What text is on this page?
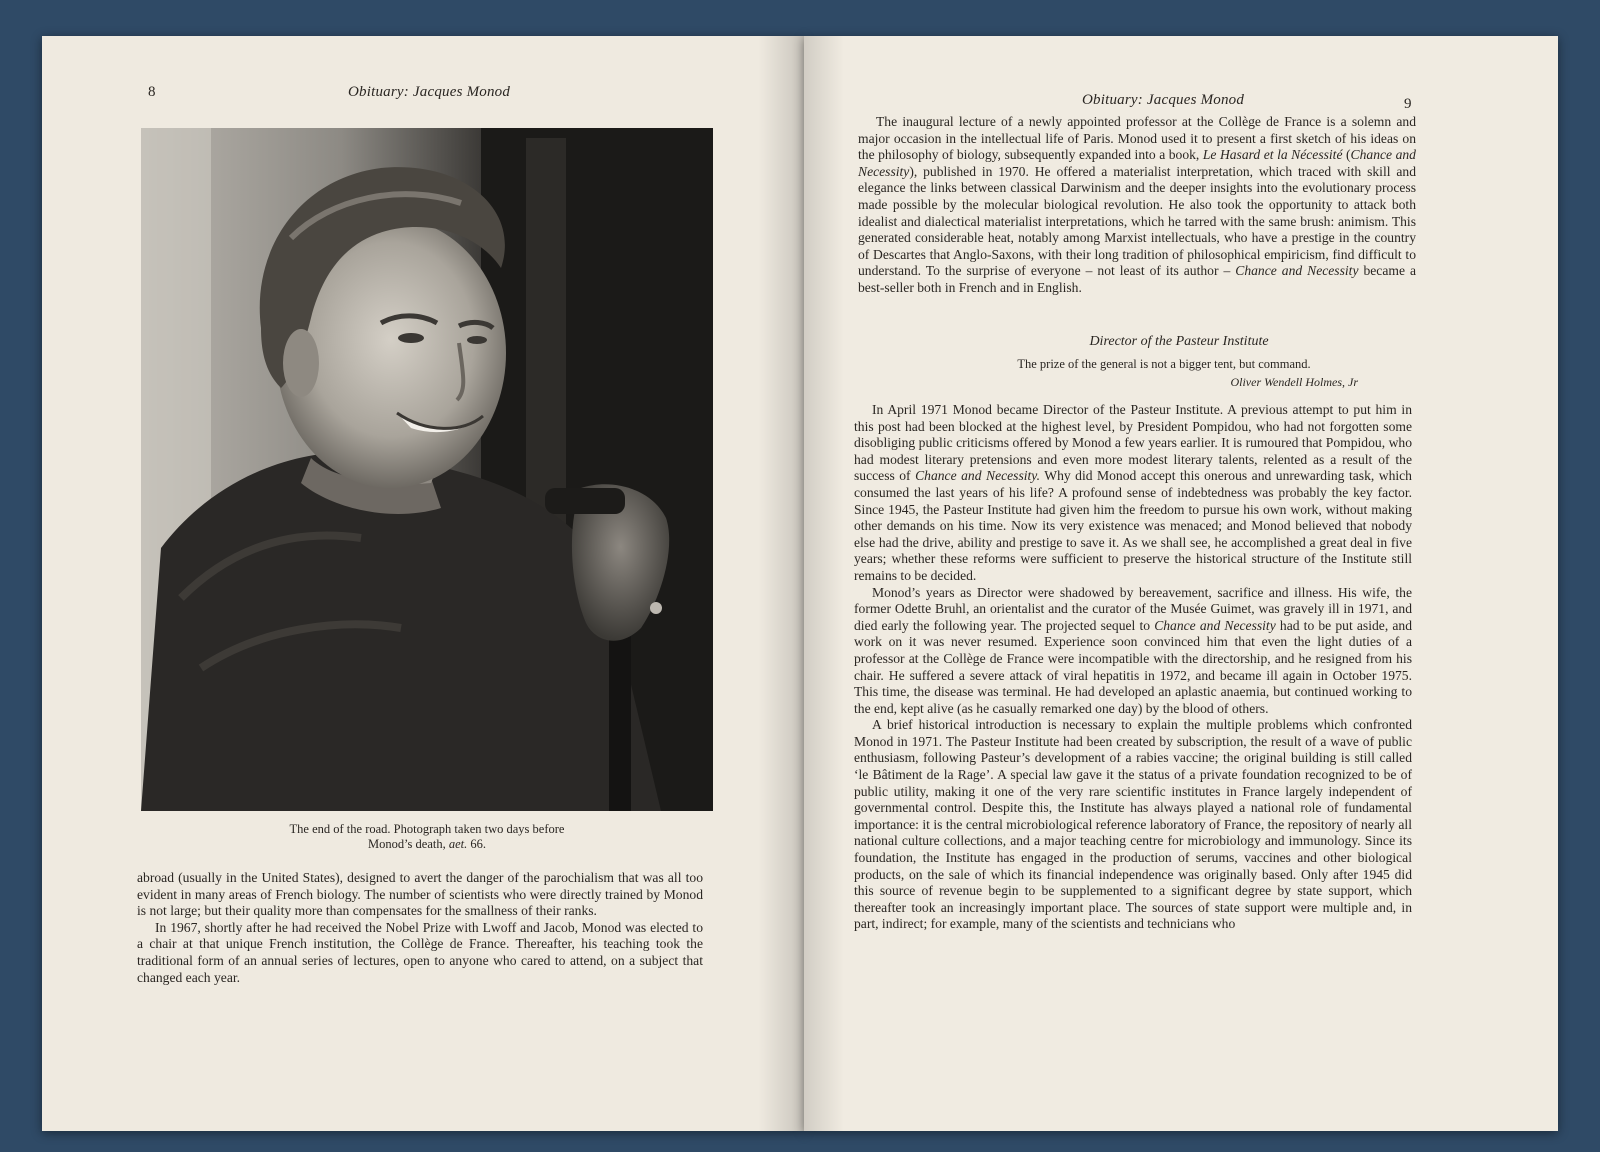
8	Obituary: Jacques Monod
The end of the road. Photograph taken two days before
Monod’s death, aet. 66.

abroad (usually in the United States), designed to avert the danger of the parochialism that was all too evident in many areas of French biology. The number of scientists who were directly trained by Monod is not large; but their quality more than compensates for the smallness of their ranks.

In 1967, shortly after he had received the Nobel Prize with Lwoff and Jacob, Monod was elected to a chair at that unique French institution, the Collège de France. Thereafter, his teaching took the traditional form of an annual series of lectures, open to anyone who cared to attend, on a subject that changed each year.

Obituary: Jacques Monod	9

The inaugural lecture of a newly appointed professor at the Collège de France is a solemn and major occasion in the intellectual life of Paris. Monod used it to present a first sketch of his ideas on the philosophy of biology, subsequently expanded into a book, Le Hasard et la Nécessité (Chance and Necessity), published in 1970. He offered a materialist interpretation, which traced with skill and elegance the links between classical Darwinism and the deeper insights into the evolutionary process made possible by the molecular biological revolution. He also took the opportunity to attack both idealist and dialectical materialist interpretations, which he tarred with the same brush: animism. This generated considerable heat, notably among Marxist intellectuals, who have a prestige in the country of Descartes that Anglo-Saxons, with their long tradition of philosophical empiricism, find difficult to understand. To the surprise of everyone – not least of its author – Chance and Necessity became a best-seller both in French and in English.

Director of the Pasteur Institute
The prize of the general is not a bigger tent, but command.
Oliver Wendell Holmes, Jr

In April 1971 Monod became Director of the Pasteur Institute. A previous attempt to put him in this post had been blocked at the highest level, by President Pompidou, who had not forgotten some disobliging public criticisms offered by Monod a few years earlier. It is rumoured that Pompidou, who had modest literary pretensions and even more modest literary talents, relented as a result of the success of Chance and Necessity. Why did Monod accept this onerous and unrewarding task, which consumed the last years of his life? A profound sense of indebtedness was probably the key factor. Since 1945, the Pasteur Institute had given him the freedom to pursue his own work, without making other demands on his time. Now its very existence was menaced; and Monod believed that nobody else had the drive, ability and prestige to save it. As we shall see, he accomplished a great deal in five years; whether these reforms were sufficient to preserve the historical structure of the Institute still remains to be decided.

Monod’s years as Director were shadowed by bereavement, sacrifice and illness. His wife, the former Odette Bruhl, an orientalist and the curator of the Musée Guimet, was gravely ill in 1971, and died early the following year. The projected sequel to Chance and Necessity had to be put aside, and work on it was never resumed. Experience soon convinced him that even the light duties of a professor at the Collège de France were incompatible with the directorship, and he resigned from his chair. He suffered a severe attack of viral hepatitis in 1972, and became ill again in October 1975. This time, the disease was terminal. He had developed an aplastic anaemia, but continued working to the end, kept alive (as he casually remarked one day) by the blood of others.

A brief historical introduction is necessary to explain the multiple problems which confronted Monod in 1971. The Pasteur Institute had been created by subscription, the result of a wave of public enthusiasm, following Pasteur’s development of a rabies vaccine; the original building is still called ‘le Bâtiment de la Rage’. A special law gave it the status of a private foundation recognized to be of public utility, making it one of the very rare scientific institutes in France largely independent of governmental control. Despite this, the Institute has always played a national role of fundamental importance: it is the central microbiological reference laboratory of France, the repository of nearly all national culture collections, and a major teaching centre for microbiology and immunology. Since its foundation, the Institute has engaged in the production of serums, vaccines and other biological products, on the sale of which its financial independence was originally based. Only after 1945 did this source of revenue begin to be supplemented to a significant degree by state support, which thereafter took an increasingly important place. The sources of state support were multiple and, in part, indirect; for example, many of the scientists and technicians who
